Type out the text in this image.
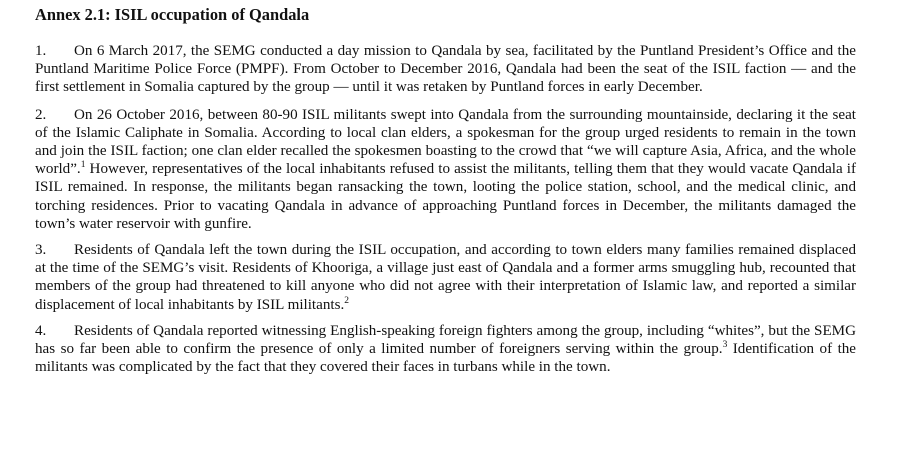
Annex 2.1: ISIL occupation of Qandala

1. On 6 March 2017, the SEMG conducted a day mission to Qandala by sea, facilitated by the Puntland President’s Office and the Puntland Maritime Police Force (PMPF). From October to December 2016, Qandala had been the seat of the ISIL faction — and the first settlement in Somalia captured by the group — until it was retaken by Puntland forces in early December.

2. On 26 October 2016, between 80-90 ISIL militants swept into Qandala from the surrounding mountainside, declaring it the seat of the Islamic Caliphate in Somalia. According to local clan elders, a spokesman for the group urged residents to remain in the town and join the ISIL faction; one clan elder recalled the spokesmen boasting to the crowd that “we will capture Asia, Africa, and the whole world”.$^1$ However, representatives of the local inhabitants refused to assist the militants, telling them that they would vacate Qandala if ISIL remained. In response, the militants began ransacking the town, looting the police station, school, and the medical clinic, and torching residences. Prior to vacating Qandala in advance of approaching Puntland forces in December, the militants damaged the town’s water reservoir with gunfire.

3. Residents of Qandala left the town during the ISIL occupation, and according to town elders many families remained displaced at the time of the SEMG’s visit. Residents of Khooriga, a village just east of Qandala and a former arms smuggling hub, recounted that members of the group had threatened to kill anyone who did not agree with their interpretation of Islamic law, and reported a similar displacement of local inhabitants by ISIL militants.$^2$

4. Residents of Qandala reported witnessing English-speaking foreign fighters among the group, including “whites”, but the SEMG has so far been able to confirm the presence of only a limited number of foreigners serving within the group.$^3$ Identification of the militants was complicated by the fact that they covered their faces in turbans while in the town.
